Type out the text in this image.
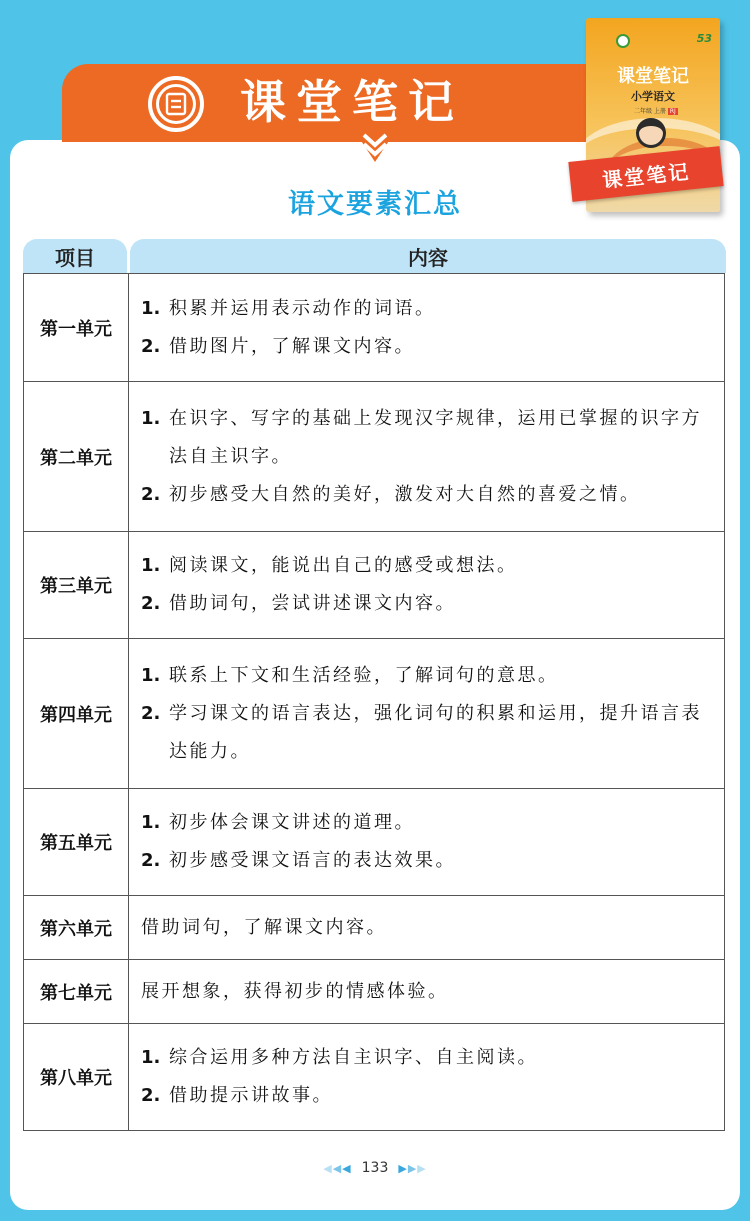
课堂笔记
53
课堂笔记
小学语文
二年级 上册 RJ
课堂笔记
语文要素汇总
项目	内容
第一单元	1. 积累并运用表示动作的词语。
2. 借助图片，了解课文内容。

第二单元	1. 在识字、写字的基础上发现汉字规律，运用已掌握的识字方法自主识字。
2. 初步感受大自然的美好，激发对大自然的喜爱之情。

第三单元	1. 阅读课文，能说出自己的感受或想法。
2. 借助词句，尝试讲述课文内容。

第四单元	1. 联系上下文和生活经验，了解词句的意思。
2. 学习课文的语言表达，强化词句的积累和运用，提升语言表达能力。

第五单元	1. 初步体会课文讲述的道理。
2. 初步感受课文语言的表达效果。

第六单元	借助词句，了解课文内容。

第七单元	展开想象，获得初步的情感体验。

第八单元	1. 综合运用多种方法自主识字、自主阅读。
2. 借助提示讲故事。
◀◀◀ 133 ▶▶▶
